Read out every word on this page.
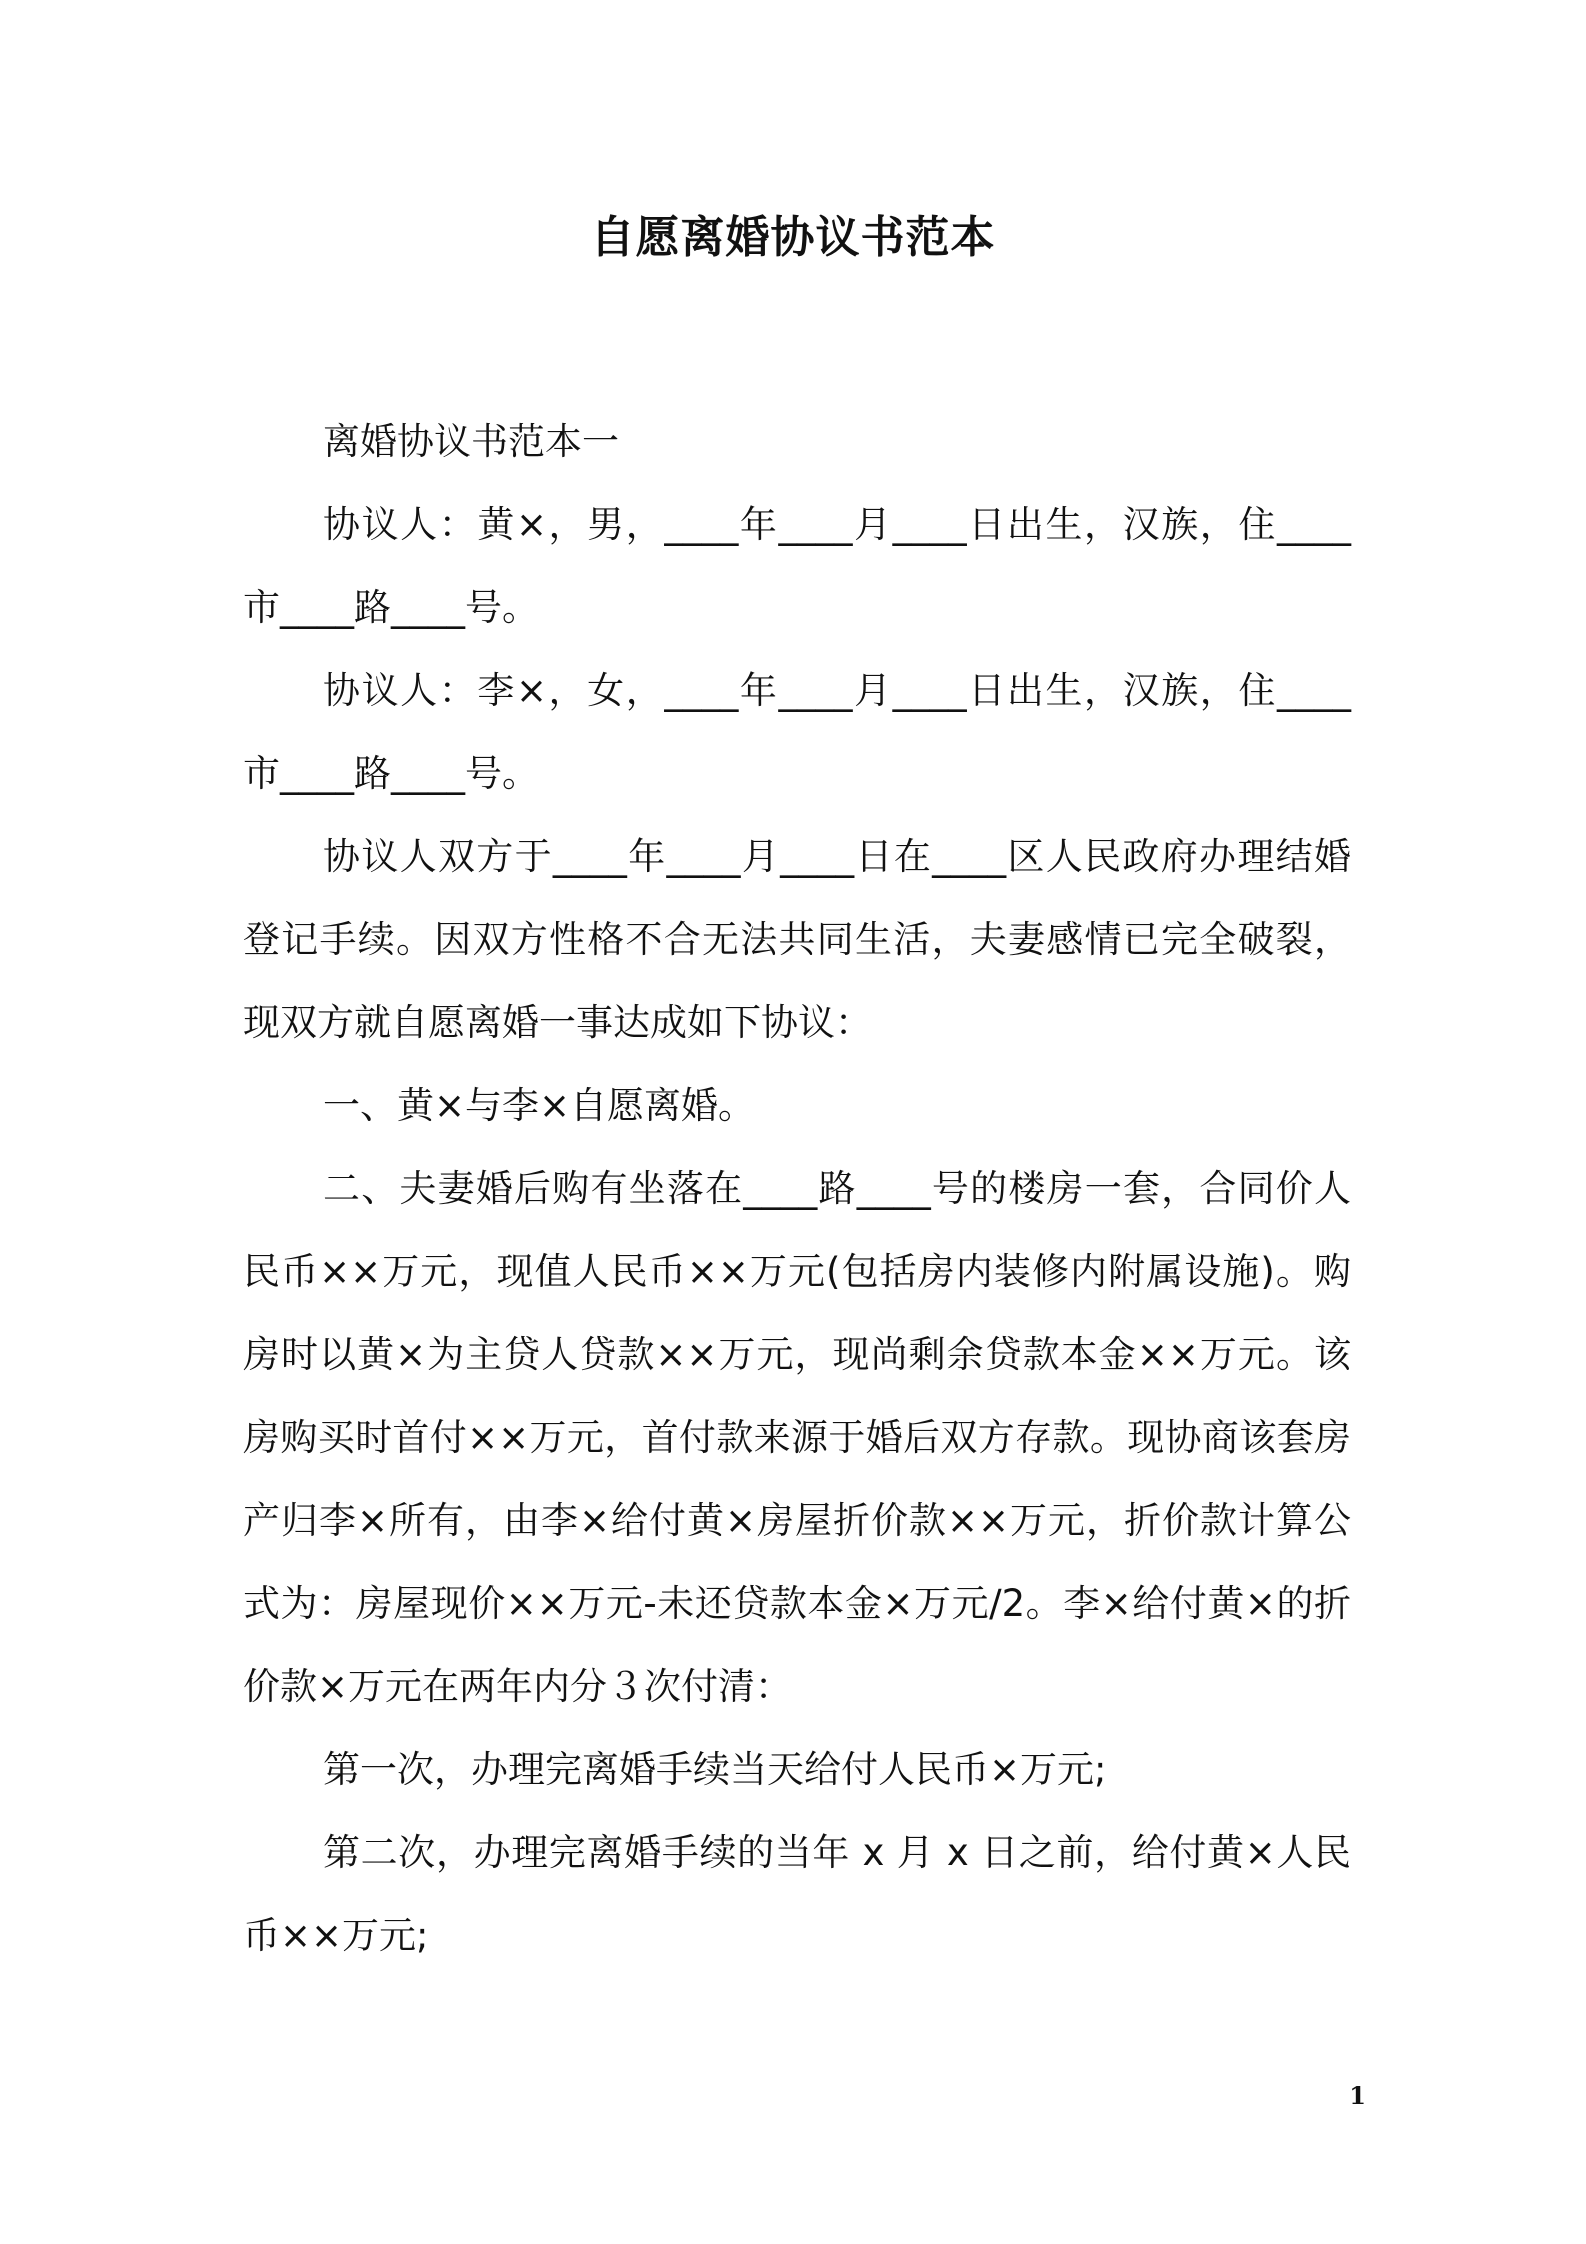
自愿离婚协议书范本

离婚协议书范本一

协议人：黄×，男，____年____月____日出生，汉族，住____市____路____号。

协议人：李×，女，____年____月____日出生，汉族，住____市____路____号。

协议人双方于____年____月____日在____区人民政府办理结婚登记手续。因双方性格不合无法共同生活，夫妻感情已完全破裂，现双方就自愿离婚一事达成如下协议：

一、黄×与李×自愿离婚。

二、夫妻婚后购有坐落在____路____号的楼房一套，合同价人民币××万元，现值人民币××万元(包括房内装修内附属设施)。购房时以黄×为主贷人贷款××万元，现尚剩余贷款本金××万元。该房购买时首付××万元，首付款来源于婚后双方存款。现协商该套房产归李×所有，由李×给付黄×房屋折价款××万元，折价款计算公式为：房屋现价××万元-未还贷款本金×万元/2。李×给付黄×的折价款×万元在两年内分３次付清：

第一次，办理完离婚手续当天给付人民币×万元;

第二次，办理完离婚手续的当年 x 月 x 日之前，给付黄×人民币××万元;

1
